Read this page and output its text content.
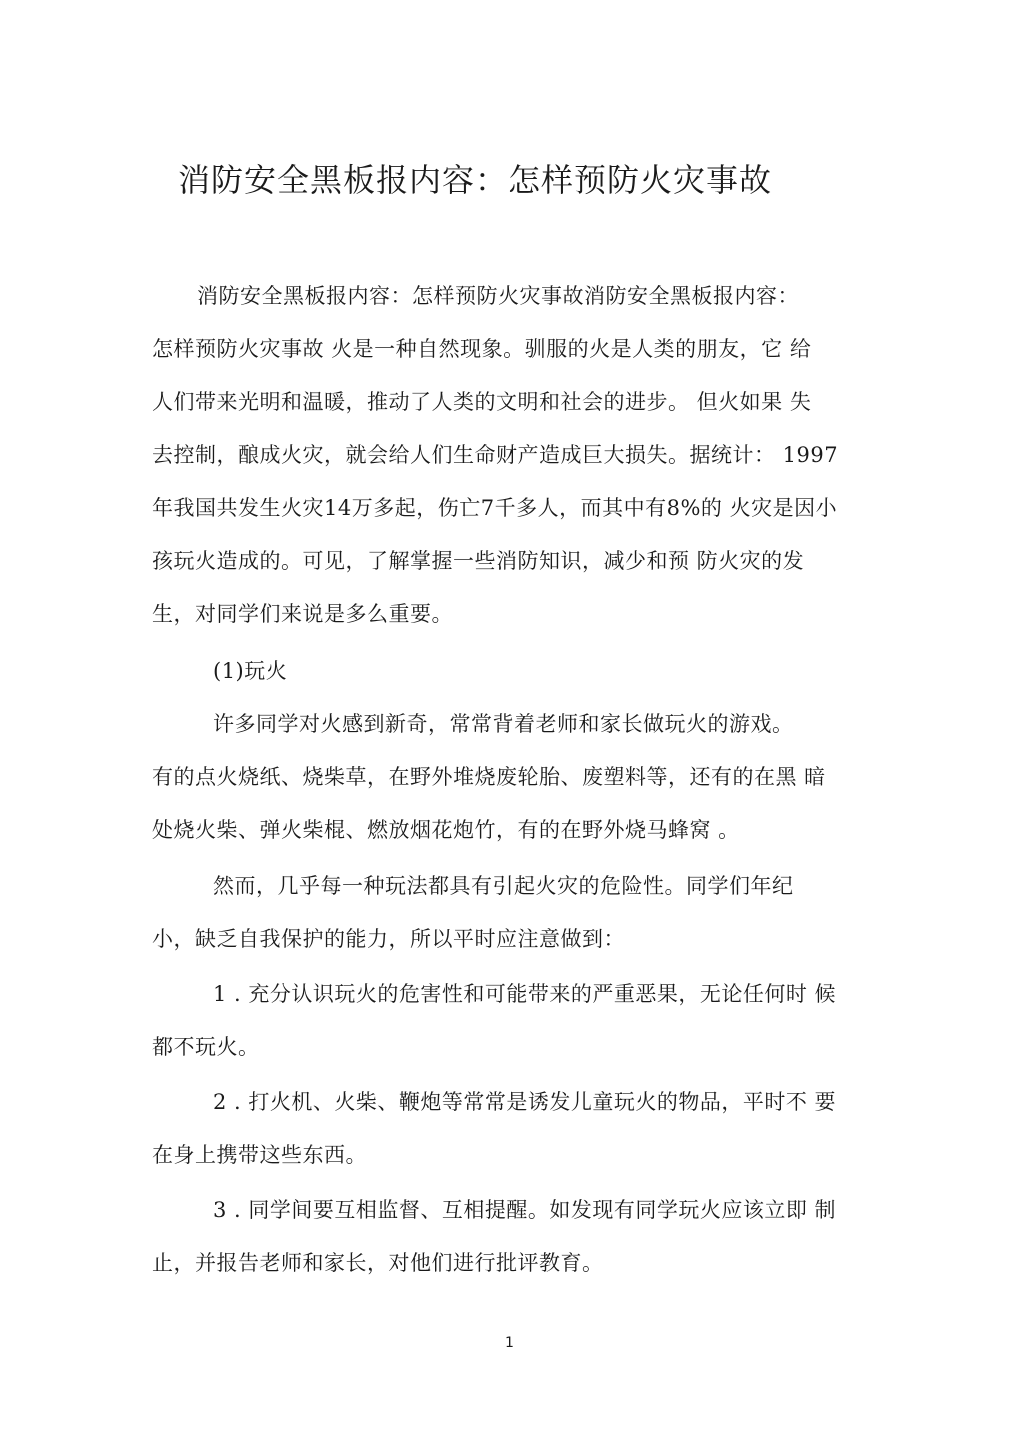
消防安全黑板报内容：怎样预防火灾事故
消防安全黑板报内容：怎样预防火灾事故消防安全黑板报内容：
怎样预防火灾事故 火是一种自然现象。驯服的火是人类的朋友，它 给
人们带来光明和温暖，推动了人类的文明和社会的进步。 但火如果 失
去控制，酿成火灾，就会给人们生命财产造成巨大损失。据统计： 1997
年我国共发生火灾14万多起，伤亡7千多人，而其中有8%的 火灾是因小
孩玩火造成的。可见，了解掌握一些消防知识，减少和预 防火灾的发
生，对同学们来说是多么重要。
(1)玩火
许多同学对火感到新奇，常常背着老师和家长做玩火的游戏。
有的点火烧纸、烧柴草，在野外堆烧废轮胎、废塑料等，还有的在黑 暗
处烧火柴、弹火柴棍、燃放烟花炮竹，有的在野外烧马蜂窝 。
然而，几乎每一种玩法都具有引起火灾的危险性。同学们年纪
小，缺乏自我保护的能力，所以平时应注意做到：
1 . 充分认识玩火的危害性和可能带来的严重恶果，无论任何时 候
都不玩火。
2 . 打火机、火柴、鞭炮等常常是诱发儿童玩火的物品，平时不 要
在身上携带这些东西。
3 . 同学间要互相监督、互相提醒。如发现有同学玩火应该立即 制
止，并报告老师和家长，对他们进行批评教育。
1
